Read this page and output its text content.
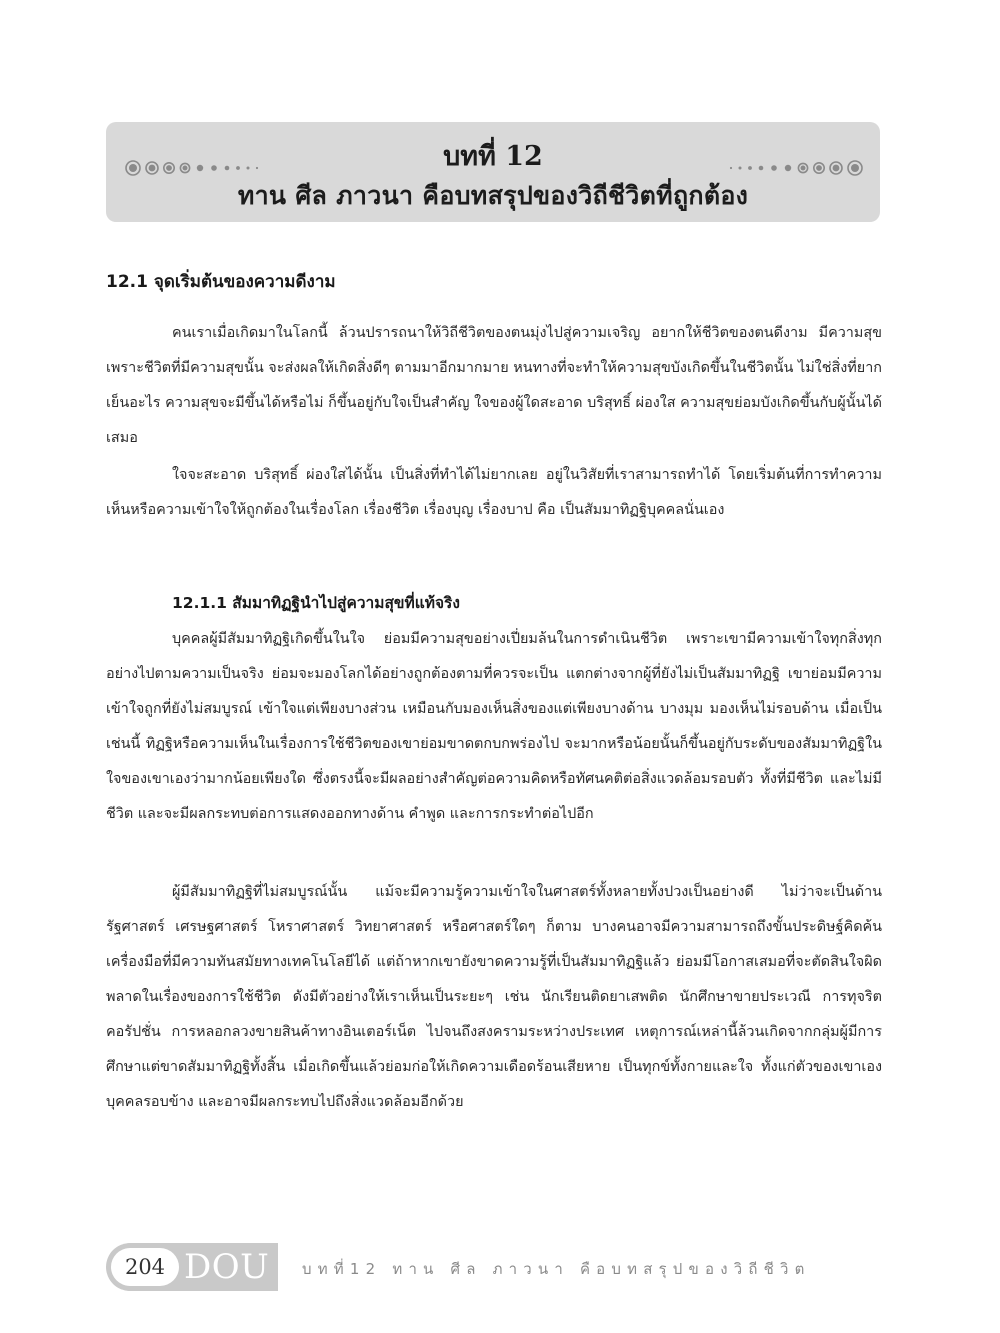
บทที่ 12
ทาน ศีล ภาวนา คือบทสรุปของวิถีชีวิตที่ถูกต้อง
12.1 จุดเริ่มต้นของความดีงาม

คนเราเมื่อเกิดมาในโลกนี้ ล้วนปรารถนาให้วิถีชีวิตของตนมุ่งไปสู่ความเจริญ อยากให้ชีวิตของตนดีงาม มีความสุข เพราะชีวิตที่มีความสุขนั้น จะส่งผลให้เกิดสิ่งดีๆ ตามมาอีกมากมาย หนทางที่จะทำให้ความสุขบังเกิดขึ้นในชีวิตนั้น ไม่ใช่สิ่งที่ยากเย็นอะไร ความสุขจะมีขึ้นได้หรือไม่ ก็ขึ้นอยู่กับใจเป็นสำคัญ ใจของผู้ใดสะอาด บริสุทธิ์ ผ่องใส ความสุขย่อมบังเกิดขึ้นกับผู้นั้นได้เสมอ

ใจจะสะอาด บริสุทธิ์ ผ่องใสได้นั้น เป็นสิ่งที่ทำได้ไม่ยากเลย อยู่ในวิสัยที่เราสามารถทำได้ โดยเริ่มต้นที่การทำความเห็นหรือความเข้าใจให้ถูกต้องในเรื่องโลก เรื่องชีวิต เรื่องบุญ เรื่องบาป คือ เป็นสัมมาทิฏฐิบุคคลนั่นเอง

12.1.1 สัมมาทิฏฐินำไปสู่ความสุขที่แท้จริง

บุคคลผู้มีสัมมาทิฏฐิเกิดขึ้นในใจ ย่อมมีความสุขอย่างเปี่ยมล้นในการดำเนินชีวิต เพราะเขามีความเข้าใจทุกสิ่งทุกอย่างไปตามความเป็นจริง ย่อมจะมองโลกได้อย่างถูกต้องตามที่ควรจะเป็น แตกต่างจากผู้ที่ยังไม่เป็นสัมมาทิฏฐิ เขาย่อมมีความเข้าใจถูกที่ยังไม่สมบูรณ์ เข้าใจแต่เพียงบางส่วน เหมือนกับมองเห็นสิ่งของแต่เพียงบางด้าน บางมุม มองเห็นไม่รอบด้าน เมื่อเป็นเช่นนี้ ทิฏฐิหรือความเห็นในเรื่องการใช้ชีวิตของเขาย่อมขาดตกบกพร่องไป จะมากหรือน้อยนั้นก็ขึ้นอยู่กับระดับของสัมมาทิฏฐิในใจของเขาเองว่ามากน้อยเพียงใด ซึ่งตรงนี้จะมีผลอย่างสำคัญต่อความคิดหรือทัศนคติต่อสิ่งแวดล้อมรอบตัว ทั้งที่มีชีวิต และไม่มีชีวิต และจะมีผลกระทบต่อการแสดงออกทางด้าน คำพูด และการกระทำต่อไปอีก

ผู้มีสัมมาทิฏฐิที่ไม่สมบูรณ์นั้น แม้จะมีความรู้ความเข้าใจในศาสตร์ทั้งหลายทั้งปวงเป็นอย่างดี ไม่ว่าจะเป็นด้านรัฐศาสตร์ เศรษฐศาสตร์ โหราศาสตร์ วิทยาศาสตร์ หรือศาสตร์ใดๆ ก็ตาม บางคนอาจมีความสามารถถึงขั้นประดิษฐ์คิดค้นเครื่องมือที่มีความทันสมัยทางเทคโนโลยีได้ แต่ถ้าหากเขายังขาดความรู้ที่เป็นสัมมาทิฏฐิแล้ว ย่อมมีโอกาสเสมอที่จะตัดสินใจผิดพลาดในเรื่องของการใช้ชีวิต ดังมีตัวอย่างให้เราเห็นเป็นระยะๆ เช่น นักเรียนติดยาเสพติด นักศึกษาขายประเวณี การทุจริตคอรัปชั่น การหลอกลวงขายสินค้าทางอินเตอร์เน็ต ไปจนถึงสงครามระหว่างประเทศ เหตุการณ์เหล่านี้ล้วนเกิดจากกลุ่มผู้มีการศึกษาแต่ขาดสัมมาทิฏฐิทั้งสิ้น เมื่อเกิดขึ้นแล้วย่อมก่อให้เกิดความเดือดร้อนเสียหาย เป็นทุกข์ทั้งกายและใจ ทั้งแก่ตัวของเขาเอง บุคคลรอบข้าง และอาจมีผลกระทบไปถึงสิ่งแวดล้อมอีกด้วย

204 DOU บทที่12 ทาน ศีล ภาวนา คือบทสรุปของวิถีชีวิต
